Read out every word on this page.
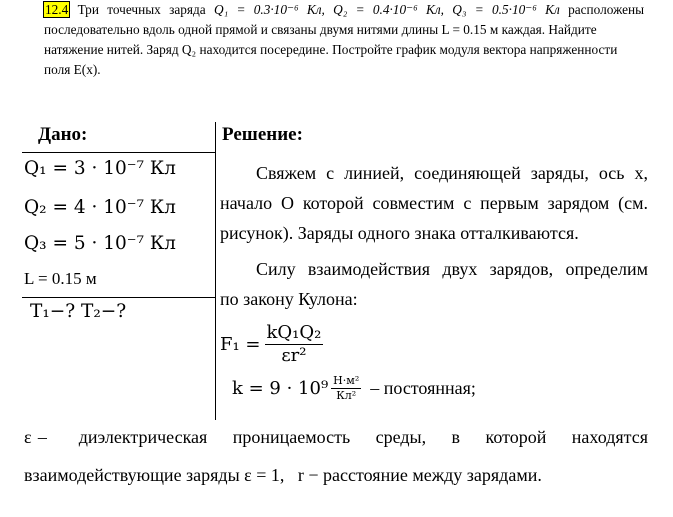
12.4 Три точечных заряда Q₁ = 0.3·10⁻⁶ Кл, Q₂ = 0.4·10⁻⁶ Кл, Q₃ = 0.5·10⁻⁶ Кл расположены
последовательно вдоль одной прямой и связаны двумя нитями длины L = 0.15 м каждая. Найдите
натяжение нитей. Заряд Q₂ находится посередине. Постройте график модуля вектора напряженности
поля E(x).
Дано:	Решение:
Q₁ = 3 · 10⁻⁷ Кл
Q₂ = 4 · 10⁻⁷ Кл
Q₃ = 5 · 10⁻⁷ Кл
L = 0.15 м
T₁−? T₂−?
Свяжем с линией, соединяющей заряды, ось x,
начало O которой совместим с первым зарядом (см.
рисунок). Заряды одного знака отталкиваются.
Силу взаимодействия двух зарядов, определим
по закону Кулона:
$F_1 = \frac{\text{kQ₁Q₂}}{\text{εr²}}$
$k = 9 \cdot 10^9 \frac{\text{Н·м²}}{\text{Кл²}}$ – постоянная;
ε –     диэлектрическая    проницаемость    среды,    в    которой    находятся
взаимодействующие заряды ε = 1,   r − расстояние между зарядами.
